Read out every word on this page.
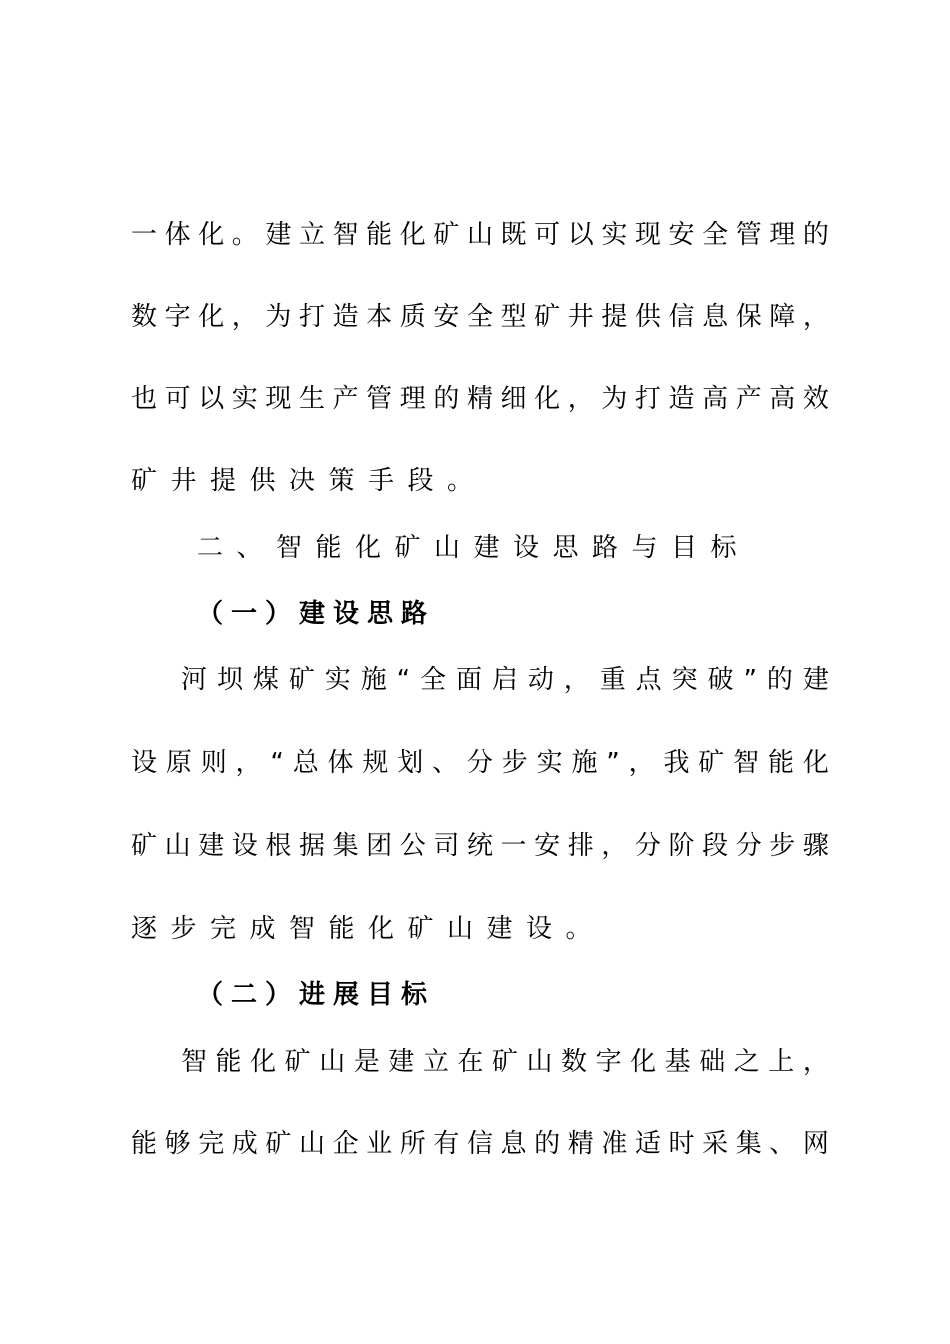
一 体 化 。 建 立 智 能 化 矿 山 既 可 以 实 现 安 全 管 理 的
数 字 化 ， 为 打 造 本 质 安 全 型 矿 井 提 供 信 息 保 障 ，
也 可 以 实 现 生 产 管 理 的 精 细 化 ， 为 打 造 高 产 高 效
矿井提供决策手段。
二、智能化矿山建设思路与目标
（一）建设思路
河 坝 煤 矿 实 施 “ 全 面 启 动 ， 重 点 突 破 ” 的 建
设 原 则 ， “ 总 体 规 划 、 分 步 实 施 ” ， 我 矿 智 能 化
矿 山 建 设 根 据 集 团 公 司 统 一 安 排 ， 分 阶 段 分 步 骤
逐步完成智能化矿山建设。
（二）进展目标
智 能 化 矿 山 是 建 立 在 矿 山 数 字 化 基 础 之 上 ，
能 够 完 成 矿 山 企 业 所 有 信 息 的 精 准 适 时 采 集 、 网
